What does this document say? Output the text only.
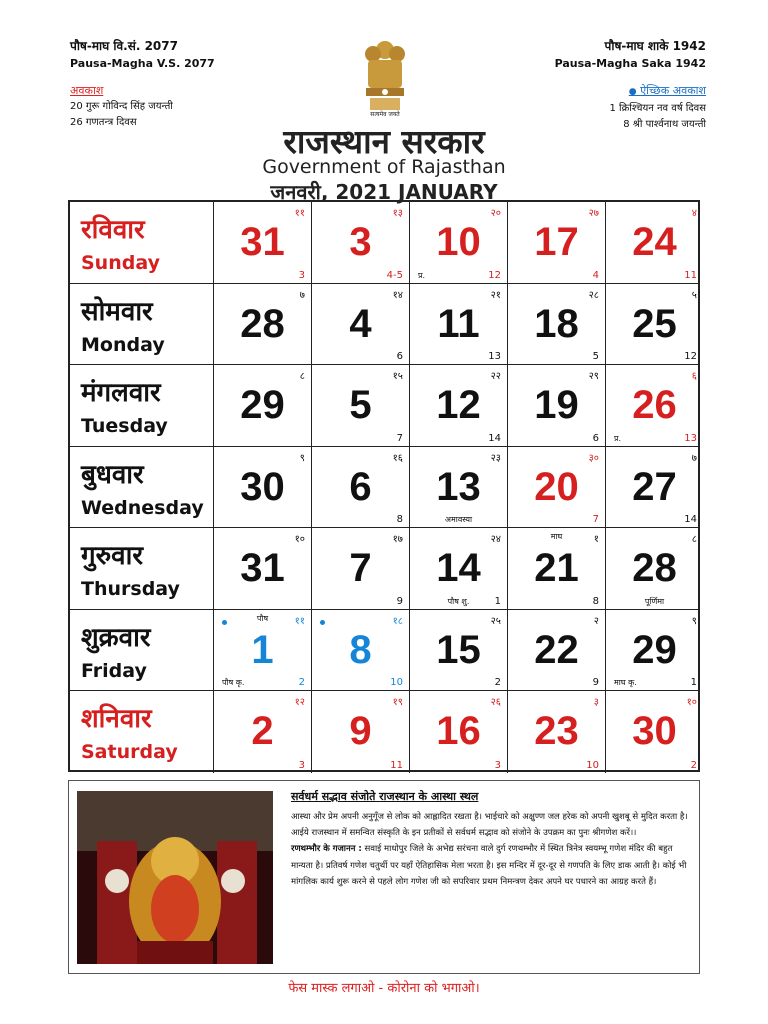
पौष-माघ वि.सं. 2077
Pausa-Magha V.S. 2077
अवकाश
20 गुरू गोविन्द सिंह जयन्ती
26 गणतन्त्र दिवस
सत्यमेव जयते
पौष-माघ शाके 1942
Pausa-Magha Saka 1942
● ऐच्छिक अवकाश
1 क्रिश्चियन नव वर्ष दिवस
8 श्री पार्श्वनाथ जयन्ती
राजस्थान सरकार
Government of Rajasthan
जनवरी, 2021 JANUARY
रविवार
Sunday
११
31
3
१३
3
4-5
२०
10
12
प्र.
२७
17
4
४
24
11
सोमवार
Monday
७
28
१४
4
6
२१
11
13
२८
18
5
५
25
12
मंगलवार
Tuesday
८
29
१५
5
7
२२
12
14
२९
19
6
६
26
13
प्र.
बुधवार
Wednesday
९
30
१६
6
8
२३
13
अमावस्या
३०
20
7
७
27
14
गुरुवार
Thursday
१०
31
१७
7
9
२४
14
1
पौष शु.
१
माघ
21
8
८
28
पूर्णिमा
शुक्रवार
Friday
११
पौष
1
2
पौष कृ.
१८
8
10
२५
15
2
२
22
9
९
29
1
माघ कृ.
शनिवार
Saturday
१२
2
3
१९
9
11
२६
16
3
३
23
10
१०
30
2
सर्वधर्म सद्भाव संजोते राजस्थान के आस्था स्थल
आस्था और प्रेम अपनी अनुगूँज से लोक को आह्लादित रखता है। भाईचारे को अक्षुण्ण जल हरेक को अपनी खुशबू से मुदित करता है। आईये राजस्थान में समन्वित संस्कृति के इन प्रतीकों से सर्वधर्म सद्भाव को संजोने के उपक्रम का पुनः श्रीगणेश करें।।
रणथम्भौर के गजानन : सवाई माधोपुर जिले के अभेद्य सरंचना वाले दुर्ग रणथम्भौर में स्थित त्रिनेत्र स्वयम्भू गणेश मंदिर की बहुत मान्यता है। प्रतिवर्ष गणेश चतुर्थी पर यहाँ ऐतिहासिक मेला भरता है। इस मन्दिर में दूर-दूर से गणपति के लिए डाक आती है। कोई भी मांगलिक कार्य शुरू करने से पहले लोग गणेश जी को सपरिवार प्रथम निमन्त्रण देकर अपने घर पधारने का आग्रह करते हैं।
फेस मास्क लगाओ - कोरोना को भगाओ।
